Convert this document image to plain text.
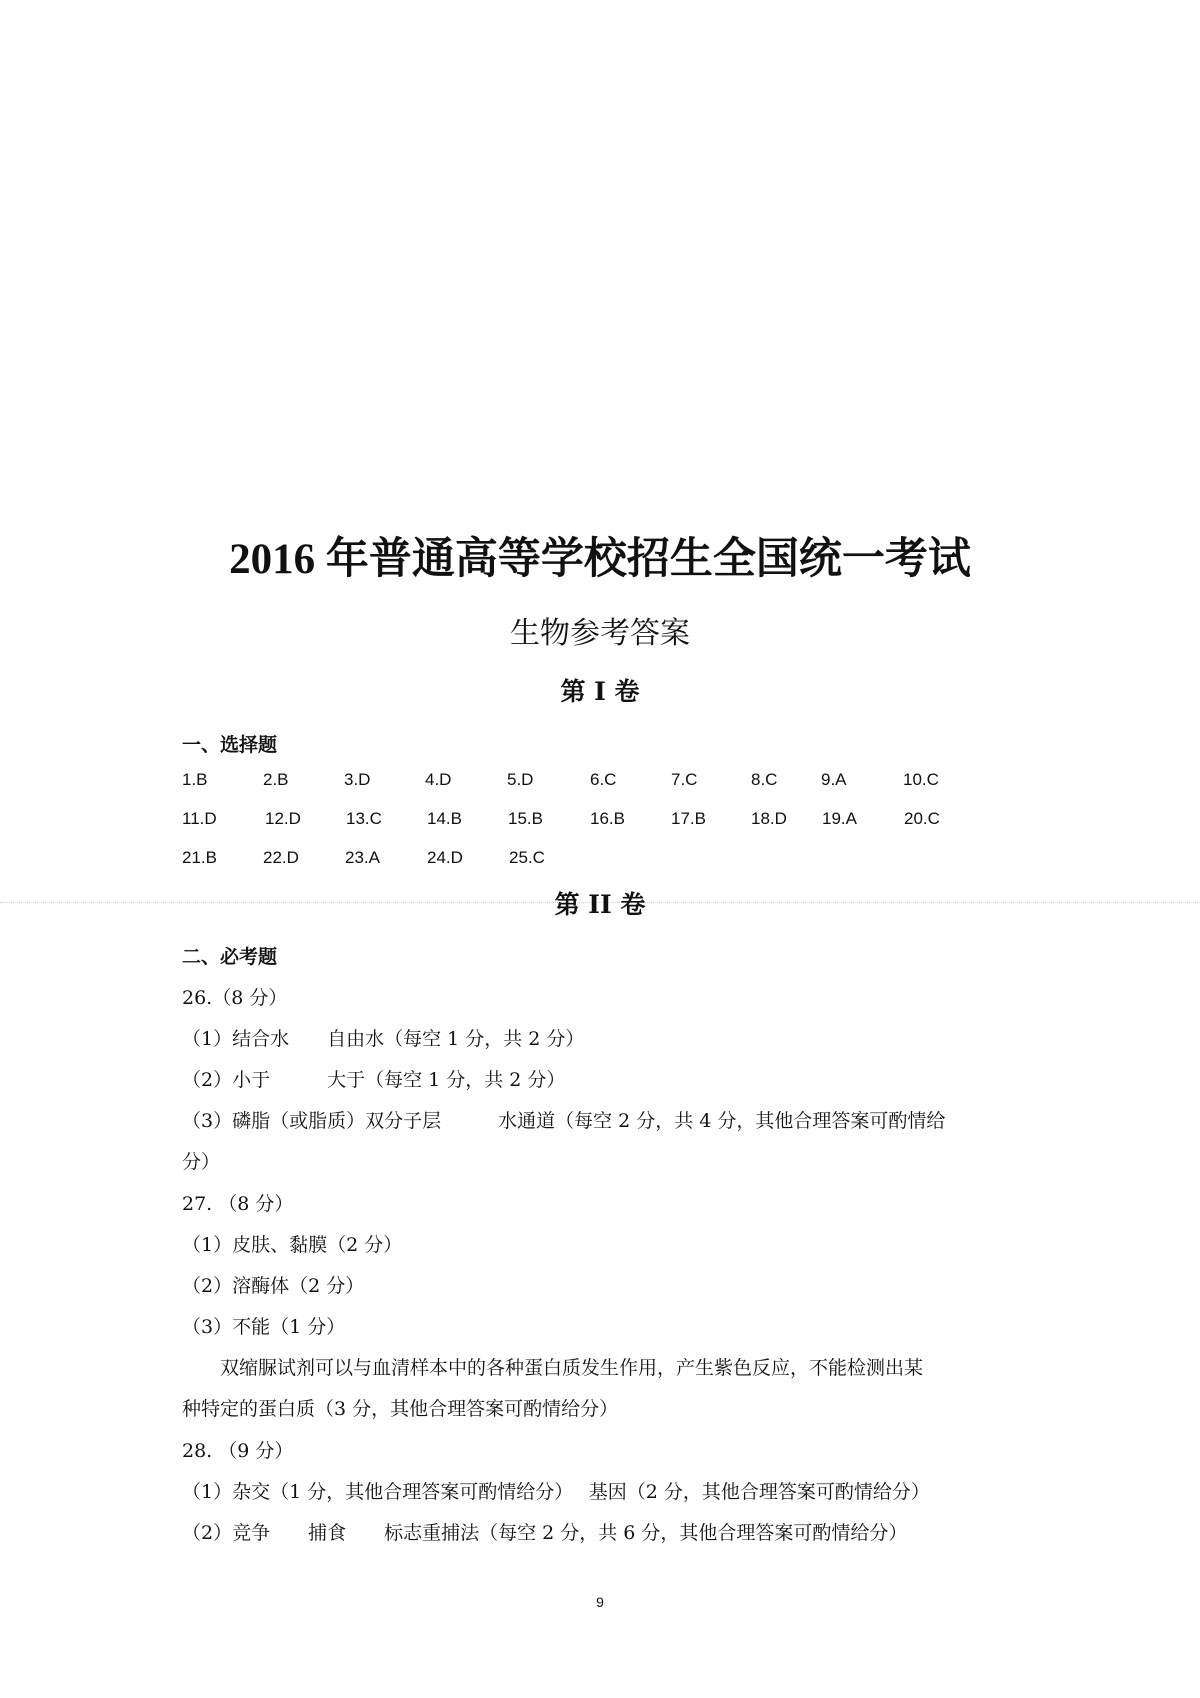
2016 年普通高等学校招生全国统一考试
生物参考答案
第 I 卷
一、选择题
1.B	2.B	3.D	4.D	5.D	6.C	7.C	8.C	9.A	10.C
11.D	12.D	13.C	14.B	15.B	16.B	17.B	18.D 19.A	20.C
21.B	22.D	23.A	24.D	25.C
第 II 卷
二、必考题
26.（8 分）
（1）结合水　　自由水（每空 1 分，共 2 分）
（2）小于　　　大于（每空 1 分，共 2 分）
（3）磷脂（或脂质）双分子层　　　水通道（每空 2 分，共 4 分，其他合理答案可酌情给
分）
27. （8 分）
（1）皮肤、黏膜（2 分）
（2）溶酶体（2 分）
（3）不能（1 分）
　　双缩脲试剂可以与血清样本中的各种蛋白质发生作用，产生紫色反应，不能检测出某
种特定的蛋白质（3 分，其他合理答案可酌情给分）
28. （9 分）
（1）杂交（1 分，其他合理答案可酌情给分）　 基因（2 分，其他合理答案可酌情给分）
（2）竞争　　捕食　　标志重捕法（每空 2 分，共 6 分，其他合理答案可酌情给分）
9
